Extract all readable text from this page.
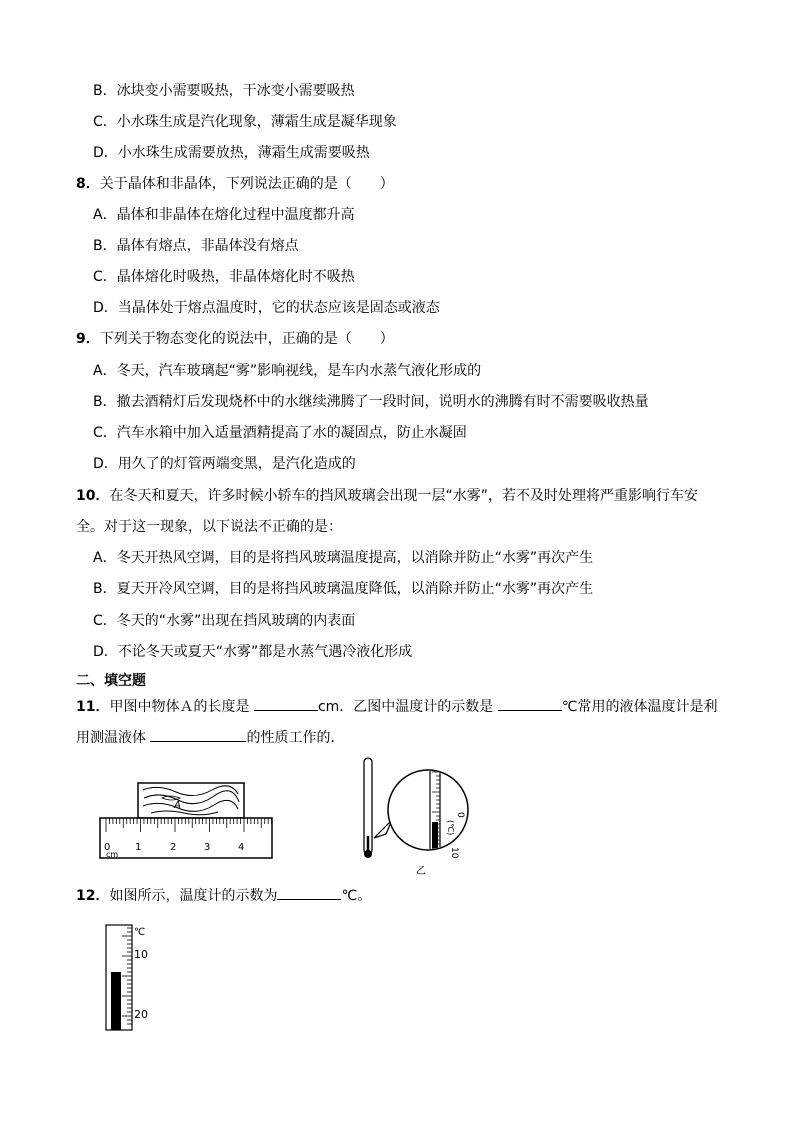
B．冰块变小需要吸热，干冰变小需要吸热
C．小水珠生成是汽化现象，薄霜生成是凝华现象
D．小水珠生成需要放热，薄霜生成需要吸热
8．关于晶体和非晶体，下列说法正确的是（　　）
A．晶体和非晶体在熔化过程中温度都升高
B．晶体有熔点，非晶体没有熔点
C．晶体熔化时吸热，非晶体熔化时不吸热
D．当晶体处于熔点温度时，它的状态应该是固态或液态
9．下列关于物态变化的说法中，正确的是（　　）
A．冬天，汽车玻璃起“雾”影响视线，是车内水蒸气液化形成的
B．撤去酒精灯后发现烧杯中的水继续沸腾了一段时间，说明水的沸腾有时不需要吸收热量
C．汽车水箱中加入适量酒精提高了水的凝固点，防止水凝固
D．用久了的灯管两端变黑，是汽化造成的
10．在冬天和夏天，许多时候小轿车的挡风玻璃会出现一层“水雾”，若不及时处理将严重影响行车安
全。对于这一现象，以下说法不正确的是：
A．冬天开热风空调，目的是将挡风玻璃温度提高，以消除并防止“水雾”再次产生
B．夏天开冷风空调，目的是将挡风玻璃温度降低，以消除并防止“水雾”再次产生
C．冬天的“水雾”出现在挡风玻璃的内表面
D．不论冬天或夏天“水雾”都是水蒸气遇冷液化形成
二、填空题
11．甲图中物体Ａ的长度是	cm．乙图中温度计的示数是	℃常用的液体温度计是利
用测温液体	的性质工作的．
A
0 1	2	3	4
cm
0
10
(℃)
乙
12．如图所示，温度计的示数为	℃。
℃
10
20
